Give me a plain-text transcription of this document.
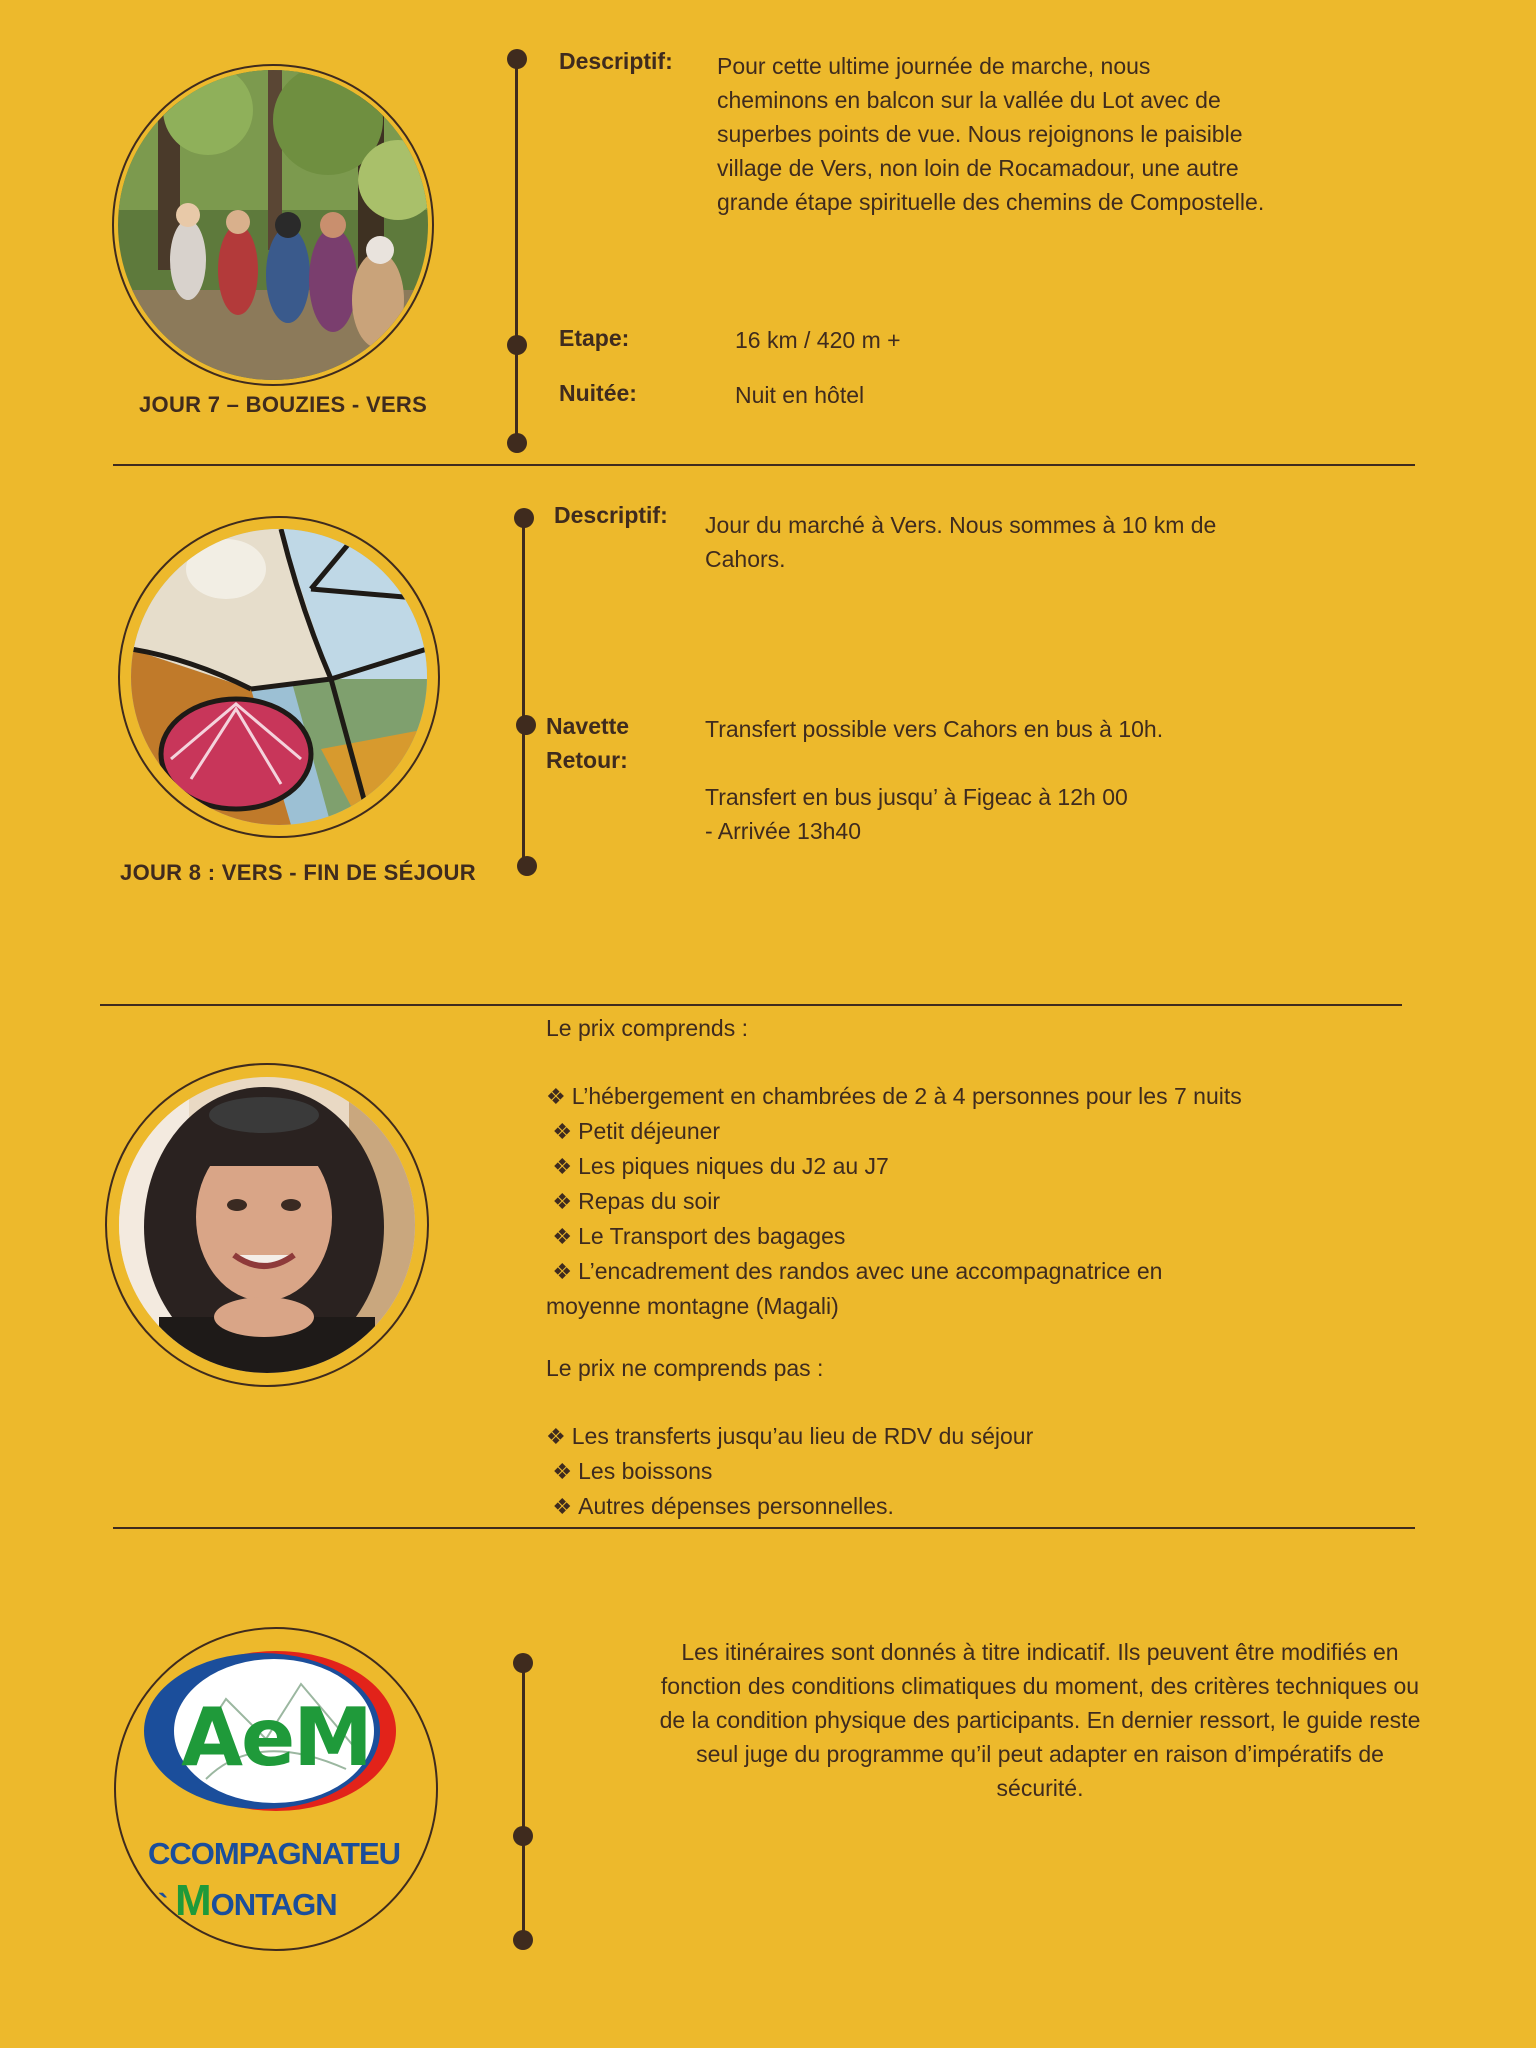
JOUR 7 – BOUZIES - VERS
Descriptif: Pour cette ultime journée de marche, nous
cheminons en balcon sur la vallée du Lot avec de
superbes points de vue. Nous rejoignons le paisible
village de Vers, non loin de Rocamadour, une autre
grande étape spirituelle des chemins de Compostelle.
Etape:	16 km / 420 m +
Nuitée:	Nuit en hôtel
JOUR 8 : VERS - FIN DE SÉJOUR
Descriptif: Jour du marché à Vers. Nous sommes à 10 km de
Cahors.
Navette
Retour:
Transfert possible vers Cahors en bus à 10h.
Transfert en bus jusqu’ à Figeac à 12h 00
- Arrivée 13h40
Le prix comprends :
❖ L’hébergement en chambrées de 2 à 4 personnes pour les 7 nuits
❖ Petit déjeuner
❖ Les piques niques du J2 au J7
❖ Repas du soir
❖ Le Transport des bagages
❖ L’encadrement des randos avec une accompagnatrice en
moyenne montagne (Magali)
Le prix ne comprends pas :
❖ Les transferts jusqu’au lieu de RDV du séjour
❖ Les boissons
❖ Autres dépenses personnelles.
AeM
CCOMPAGNATEU
` MONTAGN
Les itinéraires sont donnés à titre indicatif. Ils peuvent être modifiés en
fonction des conditions climatiques du moment, des critères techniques ou
de la condition physique des participants. En dernier ressort, le guide reste
seul juge du programme qu’il peut adapter en raison d’impératifs de
sécurité.
